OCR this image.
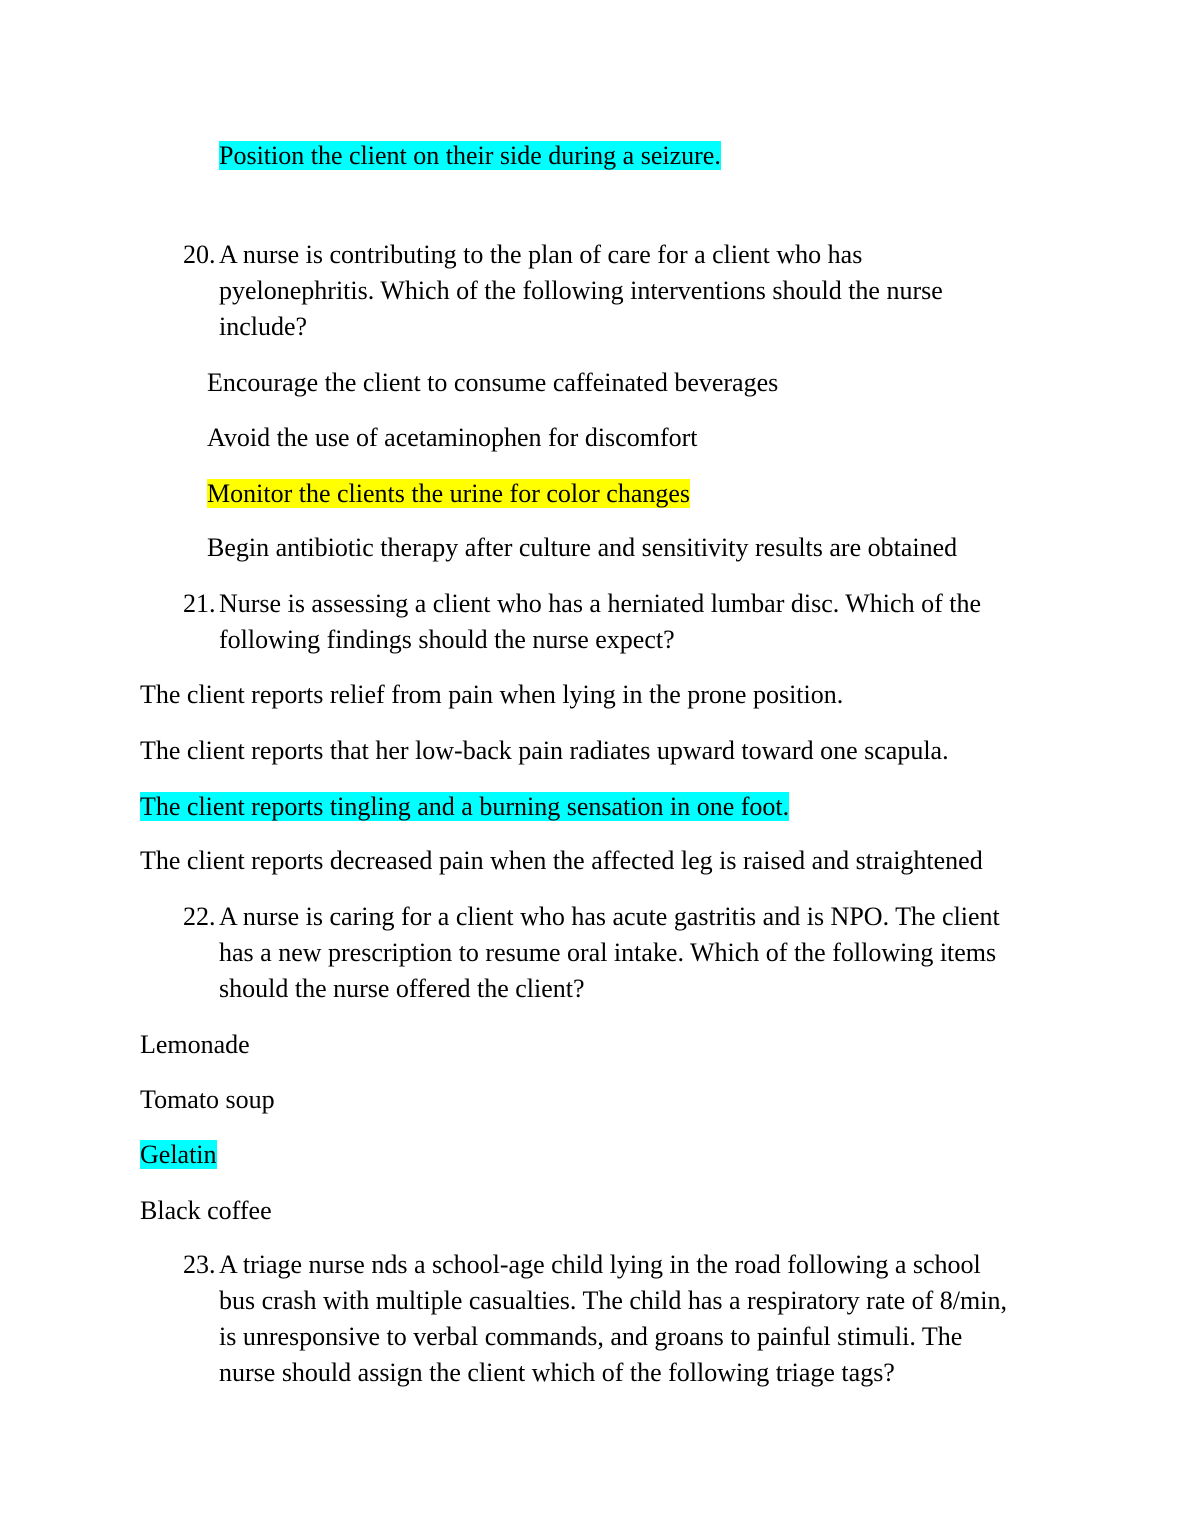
Position the client on their side during a seizure.
20. A nurse is contributing to the plan of care for a client who has
pyelonephritis. Which of the following interventions should the nurse
include?
Encourage the client to consume caffeinated beverages
Avoid the use of acetaminophen for discomfort
Monitor the clients the urine for color changes
Begin antibiotic therapy after culture and sensitivity results are obtained
21. Nurse is assessing a client who has a herniated lumbar disc. Which of the
following findings should the nurse expect?
The client reports relief from pain when lying in the prone position.
The client reports that her low-back pain radiates upward toward one scapula.
The client reports tingling and a burning sensation in one foot.
The client reports decreased pain when the affected leg is raised and straightened
22. A nurse is caring for a client who has acute gastritis and is NPO. The client
has a new prescription to resume oral intake. Which of the following items
should the nurse offered the client?
Lemonade
Tomato soup
Gelatin
Black coffee
23. A triage nurse nds a school-age child lying in the road following a school
bus crash with multiple casualties. The child has a respiratory rate of 8/min,
is unresponsive to verbal commands, and groans to painful stimuli. The
nurse should assign the client which of the following triage tags?
